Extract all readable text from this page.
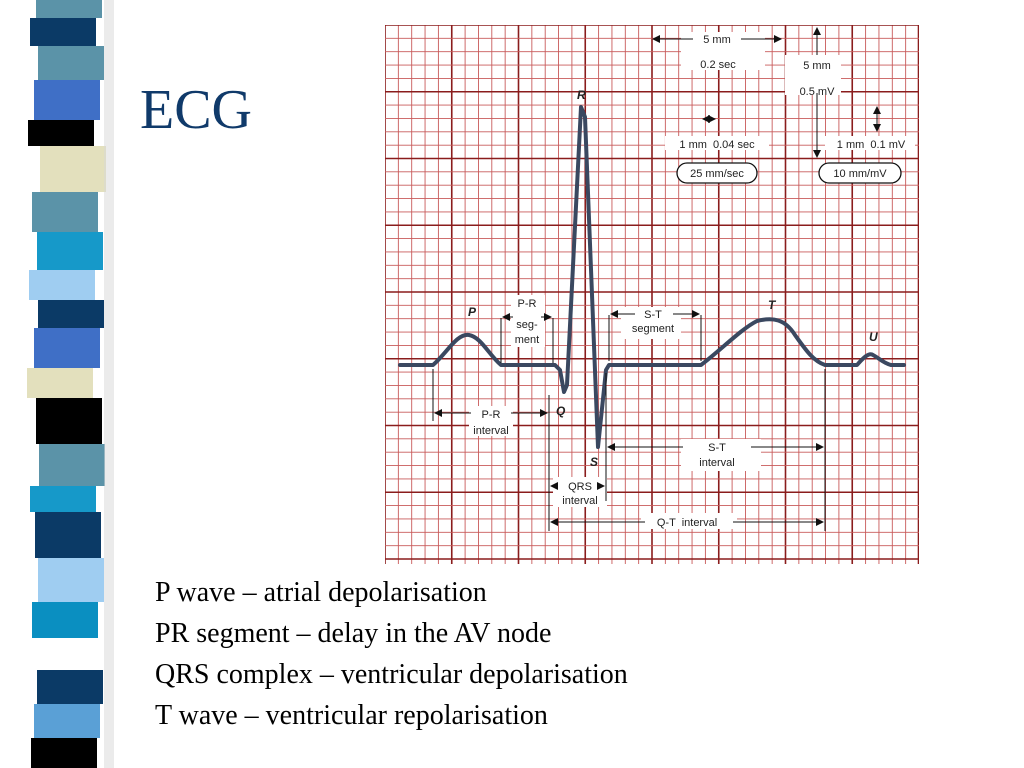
ECG	R
P
Q
S
T
U
5 mm
0.2 sec	5 mm
0.5 mV
1 mm  0.04 sec	1 mm  0.1 mV
25 mm/sec	10 mm/mV
P-R
seg-
ment
S-T
segment
P-R
interval
S-T
interval
QRS
interval
Q-T  interval
P wave – atrial depolarisation
PR segment – delay in the AV node
QRS complex – ventricular depolarisation
T wave – ventricular repolarisation
